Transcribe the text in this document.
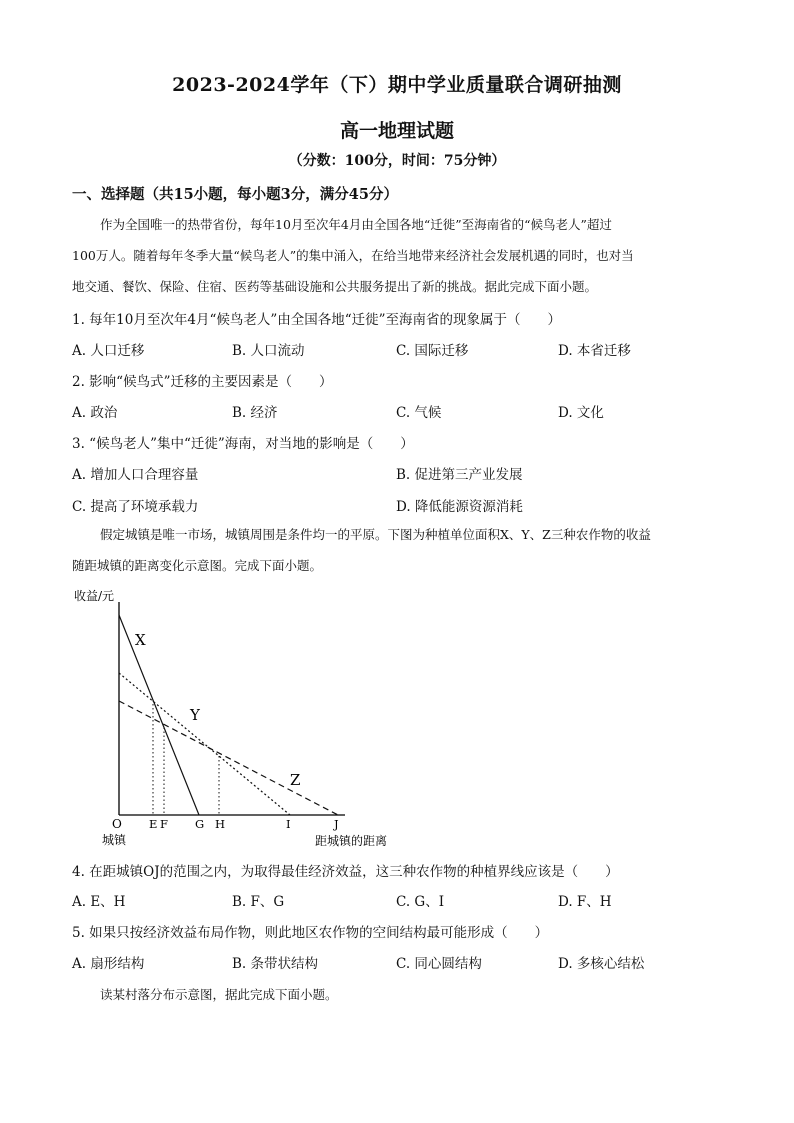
2023-2024学年（下）期中学业质量联合调研抽测
高一地理试题
（分数：100分，时间：75分钟）
一、选择题（共15小题，每小题3分，满分45分）
作为全国唯一的热带省份，每年10月至次年4月由全国各地“迁徙”至海南省的“候鸟老人”超过
100万人。随着每年冬季大量“候鸟老人”的集中涌入，在给当地带来经济社会发展机遇的同时，也对当
地交通、餐饮、保险、住宿、医药等基础设施和公共服务提出了新的挑战。据此完成下面小题。
1. 每年10月至次年4月“候鸟老人”由全国各地“迁徙”至海南省的现象属于（　　）
A. 人口迁移	B. 人口流动	C. 国际迁移	D. 本省迁移
2. 影响“候鸟式”迁移的主要因素是（　　）
A. 政治	B. 经济	C. 气候	D. 文化
3. “候鸟老人”集中“迁徙”海南，对当地的影响是（　　）
A. 增加人口合理容量	B. 促进第三产业发展
C. 提高了环境承载力	D. 降低能源资源消耗
假定城镇是唯一市场，城镇周围是条件均一的平原。下图为种植单位面积X、Y、Z三种农作物的收益
随距城镇的距离变化示意图。完成下面小题。
收益/元
O
城镇	距城镇的距离
X
Y
Z
E F G H	I	J
4. 在距城镇OJ的范围之内，为取得最佳经济效益，这三种农作物的种植界线应该是（　　）
A. E、H	B. F、G	C. G、I	D. F、H
5. 如果只按经济效益布局作物，则此地区农作物的空间结构最可能形成（　　）
A. 扇形结构	B. 条带状结构	C. 同心圆结构	D. 多核心结松
读某村落分布示意图，据此完成下面小题。
